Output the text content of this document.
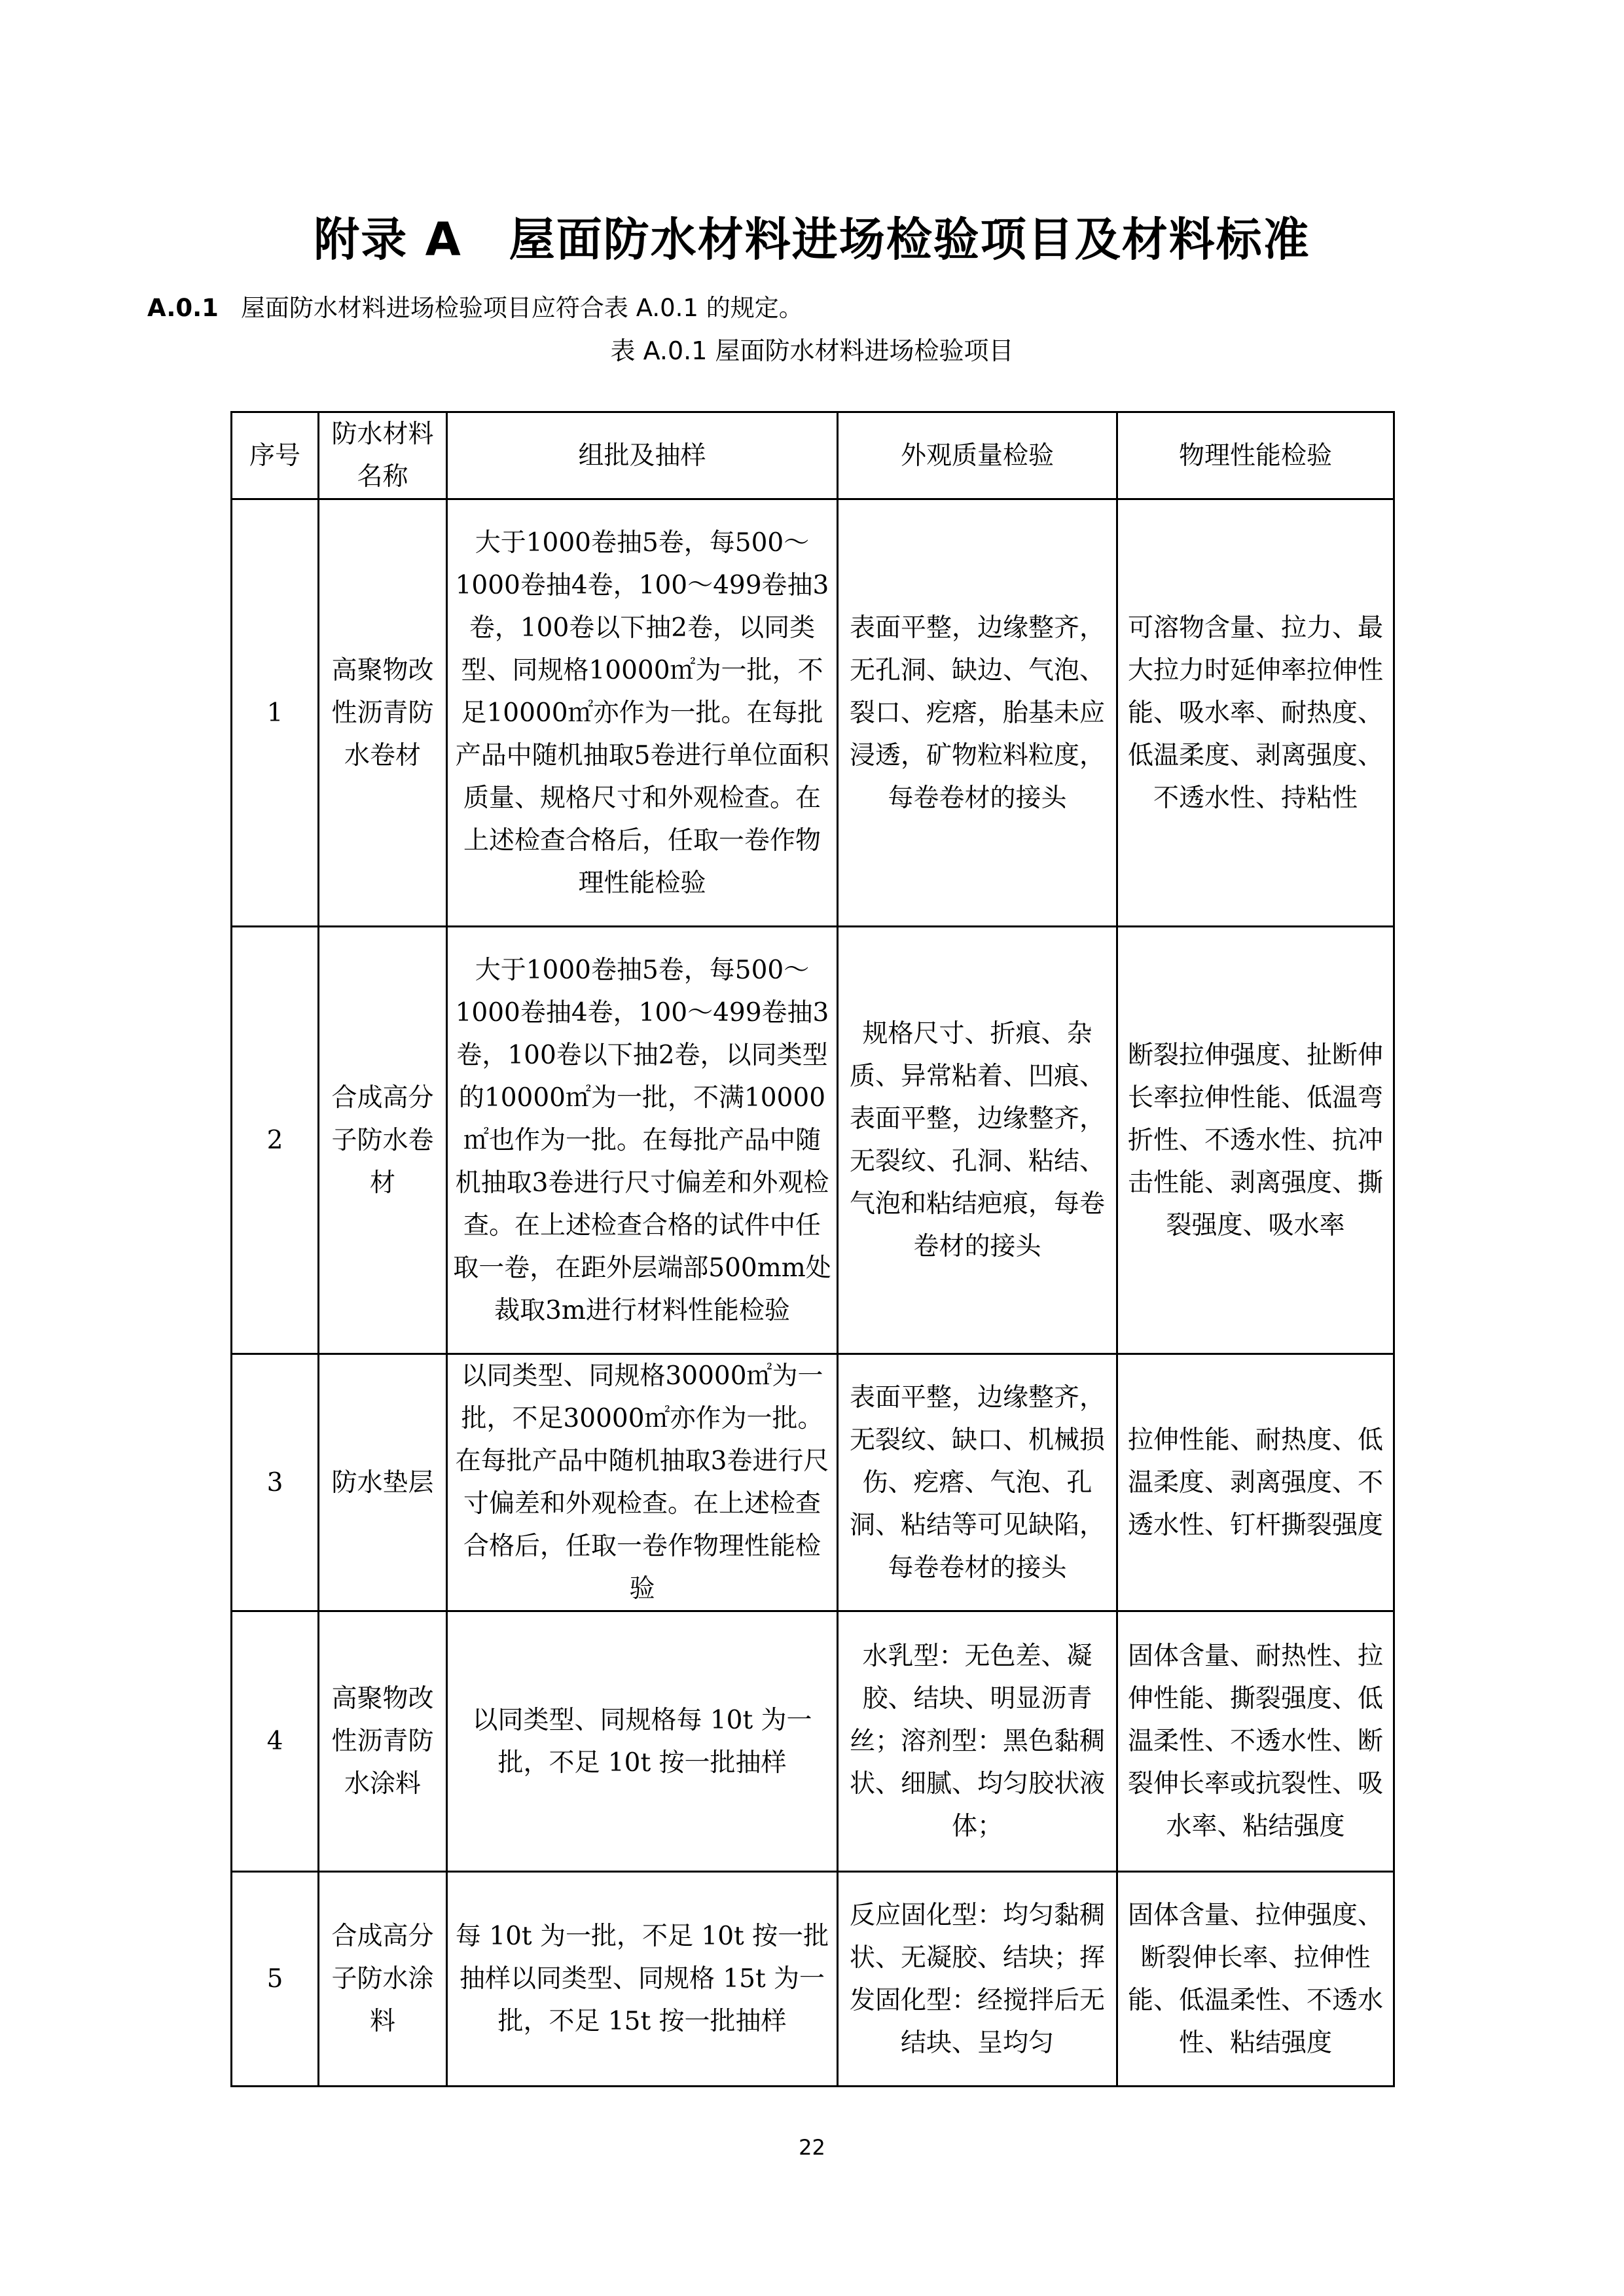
附录 A　屋面防水材料进场检验项目及材料标准
A.0.1 屋面防水材料进场检验项目应符合表 A.0.1 的规定。
表 A.0.1 屋面防水材料进场检验项目
序号	防水材料名称	组批及抽样	外观质量检验	物理性能检验
1	高聚物改性沥青防水卷材	大于1000卷抽5卷，每500～1000卷抽4卷，100～499卷抽3卷，100卷以下抽2卷，以同类型、同规格10000㎡为一批，不足10000㎡亦作为一批。在每批产品中随机抽取5卷进行单位面积质量、规格尺寸和外观检查。在上述检查合格后，任取一卷作物理性能检验	表面平整，边缘整齐，无孔洞、缺边、气泡、裂口、疙瘩，胎基未应浸透，矿物粒料粒度，每卷卷材的接头	可溶物含量、拉力、最大拉力时延伸率拉伸性能、吸水率、耐热度、低温柔度、剥离强度、不透水性、持粘性
2	合成高分子防水卷材	大于1000卷抽5卷，每500～1000卷抽4卷，100～499卷抽3卷，100卷以下抽2卷，以同类型的10000㎡为一批，不满10000㎡也作为一批。在每批产品中随机抽取3卷进行尺寸偏差和外观检查。在上述检查合格的试件中任取一卷，在距外层端部500mm处裁取3m进行材料性能检验	规格尺寸、折痕、杂质、异常粘着、凹痕、表面平整，边缘整齐，无裂纹、孔洞、粘结、气泡和粘结疤痕，每卷卷材的接头	断裂拉伸强度、扯断伸长率拉伸性能、低温弯折性、不透水性、抗冲击性能、剥离强度、撕裂强度、吸水率
3	防水垫层	以同类型、同规格30000㎡为一批，不足30000㎡亦作为一批。在每批产品中随机抽取3卷进行尺寸偏差和外观检查。在上述检查合格后，任取一卷作物理性能检验	表面平整，边缘整齐，无裂纹、缺口、机械损伤、疙瘩、气泡、孔洞、粘结等可见缺陷，每卷卷材的接头	拉伸性能、耐热度、低温柔度、剥离强度、不透水性、钉杆撕裂强度
4	高聚物改性沥青防水涂料	以同类型、同规格每 10t 为一批，不足 10t 按一批抽样	水乳型：无色差、凝胶、结块、明显沥青丝；溶剂型：黑色黏稠状、细腻、均匀胶状液体；	固体含量、耐热性、拉伸性能、撕裂强度、低温柔性、不透水性、断裂伸长率或抗裂性、吸水率、粘结强度
5	合成高分子防水涂料	每 10t 为一批，不足 10t 按一批抽样以同类型、同规格 15t 为一批，不足 15t 按一批抽样	反应固化型：均匀黏稠状、无凝胶、结块；挥发固化型：经搅拌后无结块、呈均匀	固体含量、拉伸强度、断裂伸长率、拉伸性能、低温柔性、不透水性、粘结强度
22
